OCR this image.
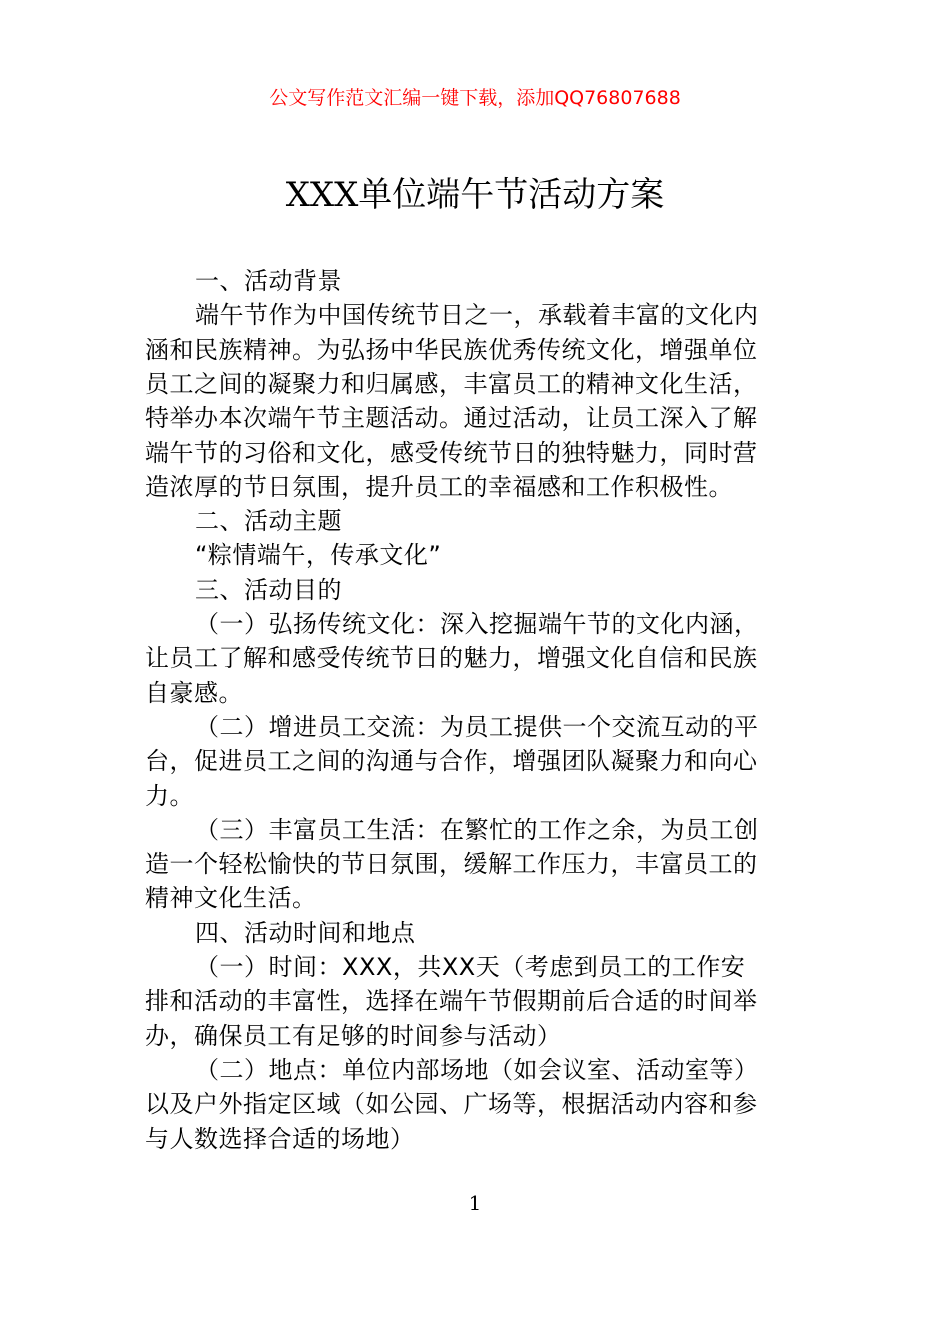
公文写作范文汇编一键下载，添加QQ76807688
XXX单位端午节活动方案
一、活动背景
端午节作为中国传统节日之一，承载着丰富的文化内
涵和民族精神。为弘扬中华民族优秀传统文化，增强单位
员工之间的凝聚力和归属感，丰富员工的精神文化生活，
特举办本次端午节主题活动。通过活动，让员工深入了解
端午节的习俗和文化，感受传统节日的独特魅力，同时营
造浓厚的节日氛围，提升员工的幸福感和工作积极性。
二、活动主题
“粽情端午，传承文化”
三、活动目的
（一）弘扬传统文化：深入挖掘端午节的文化内涵，
让员工了解和感受传统节日的魅力，增强文化自信和民族
自豪感。
（二）增进员工交流：为员工提供一个交流互动的平
台，促进员工之间的沟通与合作，增强团队凝聚力和向心
力。
（三）丰富员工生活：在繁忙的工作之余，为员工创
造一个轻松愉快的节日氛围，缓解工作压力，丰富员工的
精神文化生活。
四、活动时间和地点
（一）时间：XXX，共XX天（考虑到员工的工作安
排和活动的丰富性，选择在端午节假期前后合适的时间举
办，确保员工有足够的时间参与活动）
（二）地点：单位内部场地（如会议室、活动室等）
以及户外指定区域（如公园、广场等，根据活动内容和参
与人数选择合适的场地）
1
